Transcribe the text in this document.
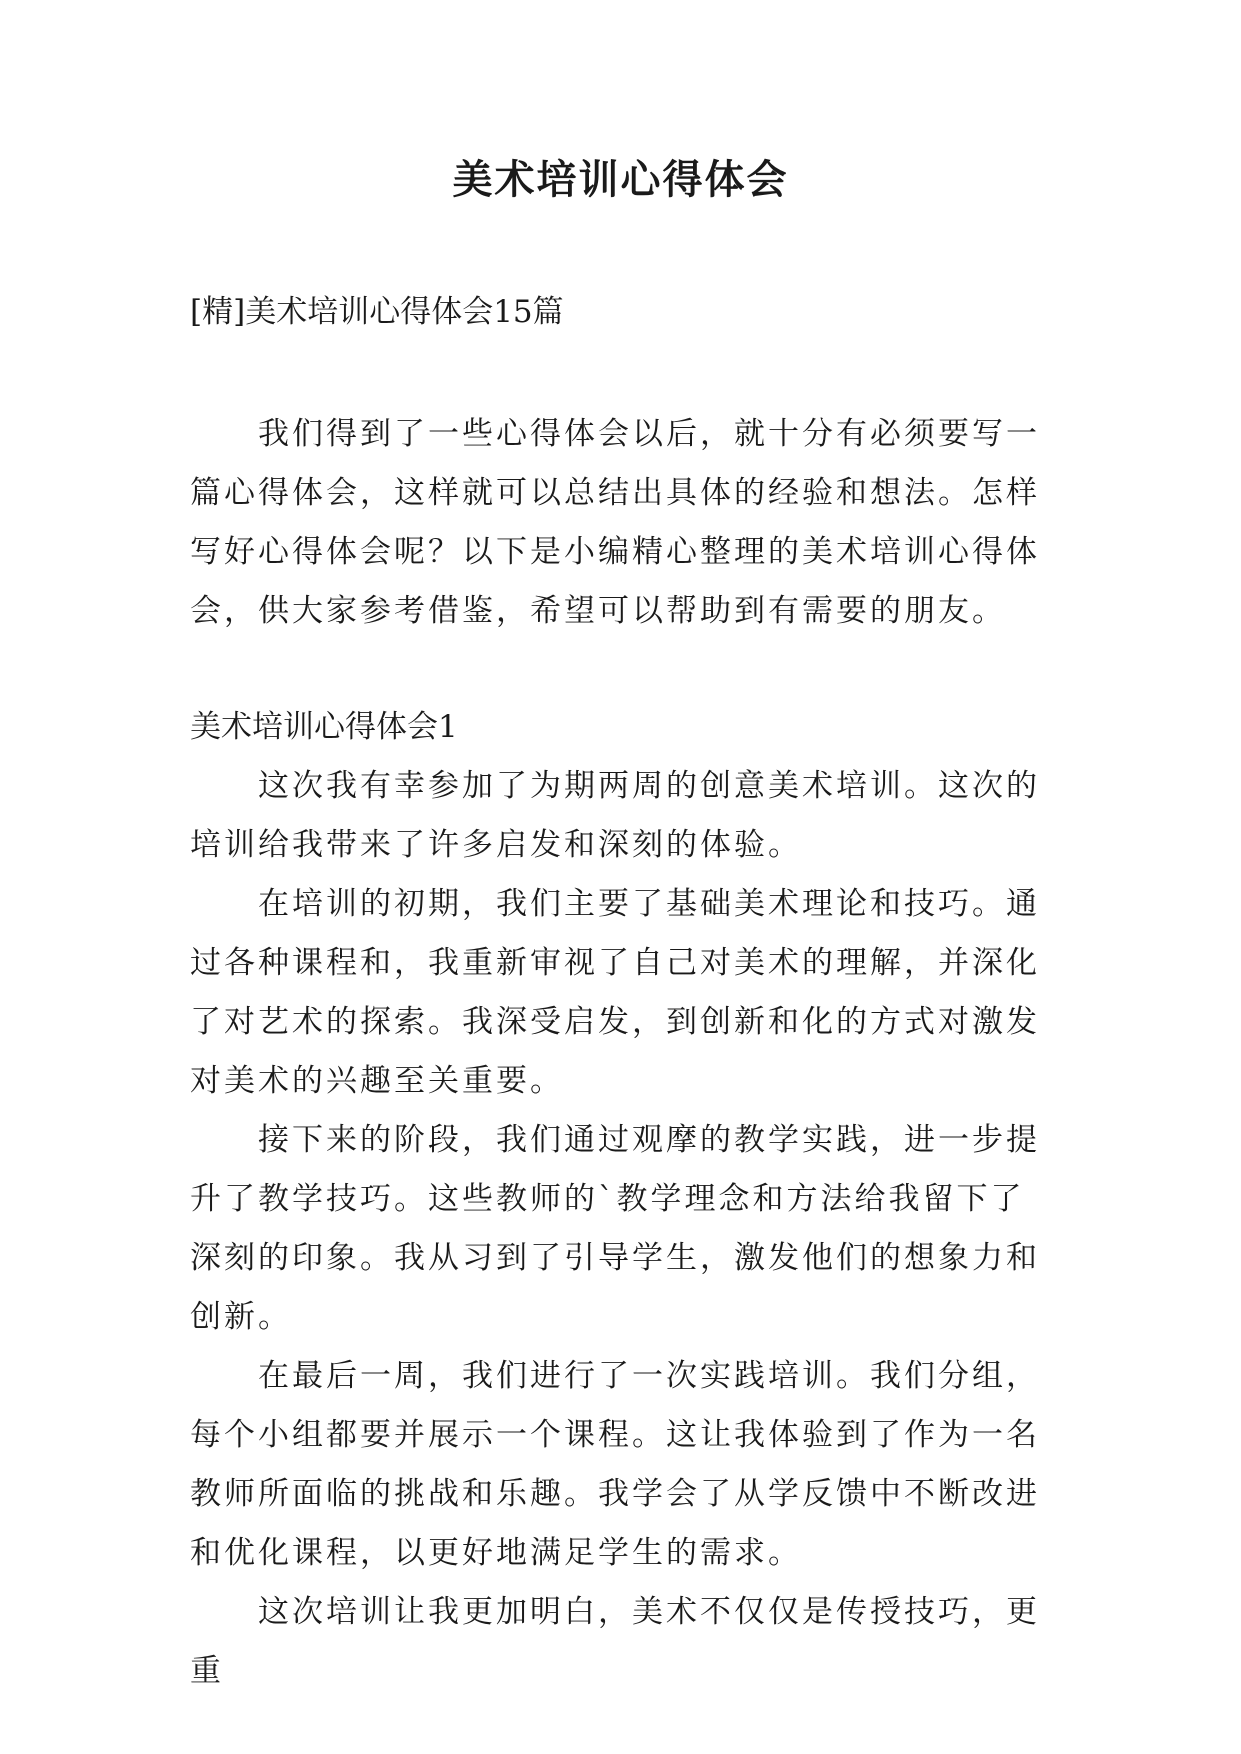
美术培训心得体会

[精]美术培训心得体会15篇

我们得到了一些心得体会以后，就十分有必须要写一篇心得体会，这样就可以总结出具体的经验和想法。怎样写好心得体会呢？以下是小编精心整理的美术培训心得体会，供大家参考借鉴，希望可以帮助到有需要的朋友。

美术培训心得体会1

这次我有幸参加了为期两周的创意美术培训。这次的培训给我带来了许多启发和深刻的体验。

在培训的初期，我们主要了基础美术理论和技巧。通过各种课程和，我重新审视了自己对美术的理解，并深化了对艺术的探索。我深受启发，到创新和化的方式对激发对美术的兴趣至关重要。

接下来的阶段，我们通过观摩的教学实践，进一步提升了教学技巧。这些教师的`教学理念和方法给我留下了深刻的印象。我从习到了引导学生，激发他们的想象力和创新。

在最后一周，我们进行了一次实践培训。我们分组，每个小组都要并展示一个课程。这让我体验到了作为一名教师所面临的挑战和乐趣。我学会了从学反馈中不断改进和优化课程，以更好地满足学生的需求。

这次培训让我更加明白，美术不仅仅是传授技巧，更重
